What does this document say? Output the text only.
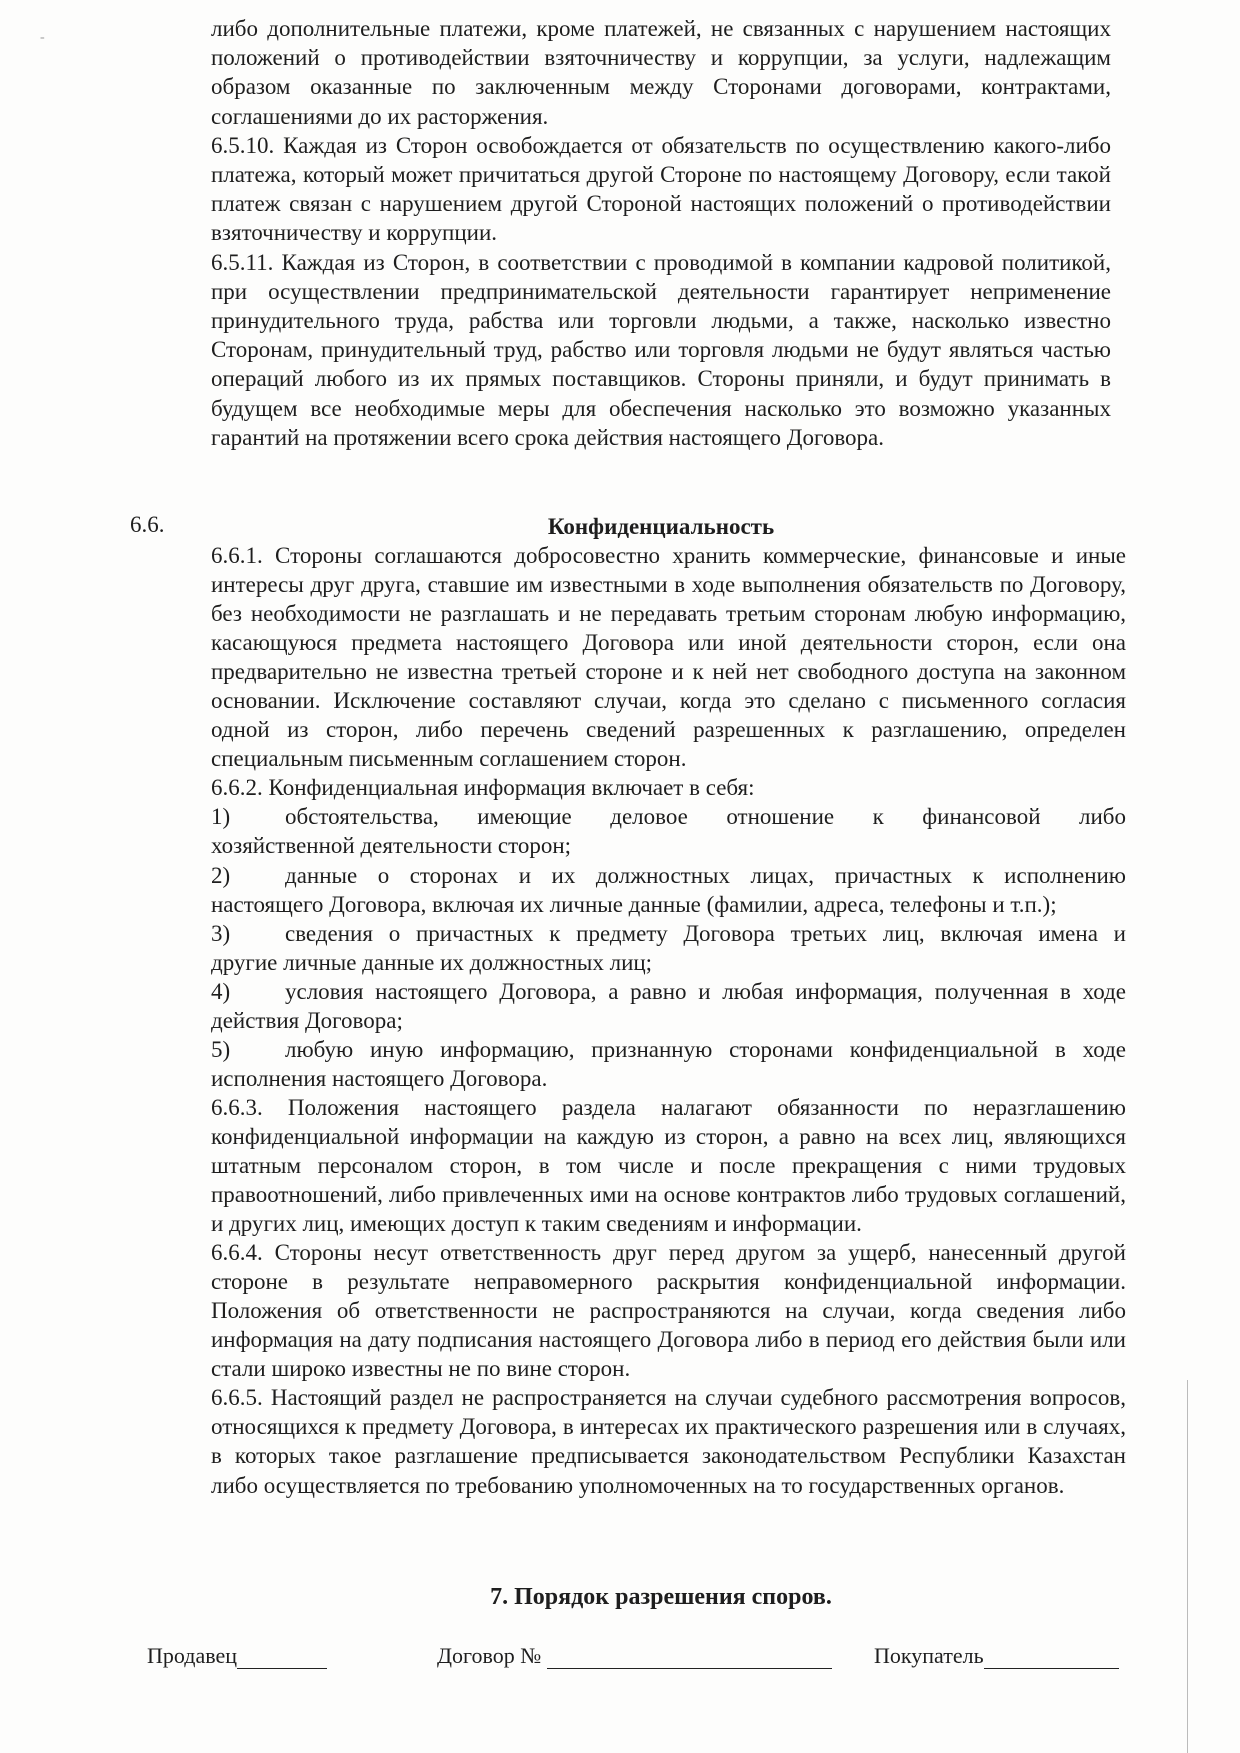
-	либо дополнительные платежи, кроме платежей, не связанных с нарушением настоящих положений о противодействии взяточничеству и коррупции, за услуги, надлежащим образом оказанные по заключенным между Сторонами договорами, контрактами, соглашениями до их расторжения.

6.5.10. Каждая из Сторон освобождается от обязательств по осуществлению какого-либо платежа, который может причитаться другой Стороне по настоящему Договору, если такой платеж связан с нарушением другой Стороной настоящих положений о противодействии взяточничеству и коррупции.

6.5.11. Каждая из Сторон, в соответствии с проводимой в компании кадровой политикой, при осуществлении предпринимательской деятельности гарантирует неприменение принудительного труда, рабства или торговли людьми, а также, насколько известно Сторонам, принудительный труд, рабство или торговля людьми не будут являться частью операций любого из их прямых поставщиков. Стороны приняли, и будут принимать в будущем все необходимые меры для обеспечения насколько это возможно указанных гарантий на протяжении всего срока действия настоящего Договора.

6.6.	Конфиденциальность

6.6.1. Стороны соглашаются добросовестно хранить коммерческие, финансовые и иные интересы друг друга, ставшие им известными в ходе выполнения обязательств по Договору, без необходимости не разглашать и не передавать третьим сторонам любую информацию, касающуюся предмета настоящего Договора или иной деятельности сторон, если она предварительно не известна третьей стороне и к ней нет свободного доступа на законном основании. Исключение составляют случаи, когда это сделано с письменного согласия одной из сторон, либо перечень сведений разрешенных к разглашению, определен специальным письменным соглашением сторон.

6.6.2. Конфиденциальная информация включает в себя:

1)	обстоятельства, имеющие деловое отношение к финансовой либо
хозяйственной деятельности сторон;
2)	данные о сторонах и их должностных лицах, причастных к исполнению
настоящего Договора, включая их личные данные (фамилии, адреса, телефоны и т.п.);
3)	сведения о причастных к предмету Договора третьих лиц, включая имена и
другие личные данные их должностных лиц;
4)	условия настоящего Договора, а равно и любая информация, полученная в ходе
действия Договора;
5)	любую иную информацию, признанную сторонами конфиденциальной в ходе
исполнения настоящего Договора.

6.6.3. Положения настоящего раздела налагают обязанности по неразглашению конфиденциальной информации на каждую из сторон, а равно на всех лиц, являющихся штатным персоналом сторон, в том числе и после прекращения с ними трудовых правоотношений, либо привлеченных ими на основе контрактов либо трудовых соглашений, и других лиц, имеющих доступ к таким сведениям и информации.

6.6.4. Стороны несут ответственность друг перед другом за ущерб, нанесенный другой стороне в результате неправомерного раскрытия конфиденциальной информации. Положения об ответственности не распространяются на случаи, когда сведения либо информация на дату подписания настоящего Договора либо в период его действия были или стали широко известны не по вине сторон.

6.6.5. Настоящий раздел не распространяется на случаи судебного рассмотрения вопросов, относящихся к предмету Договора, в интересах их практического разрешения или в случаях, в которых такое разглашение предписывается законодательством Республики Казахстан либо осуществляется по требованию уполномоченных на то государственных органов.

7. Порядок разрешения споров.
Продавец	Договор №	Покупатель
